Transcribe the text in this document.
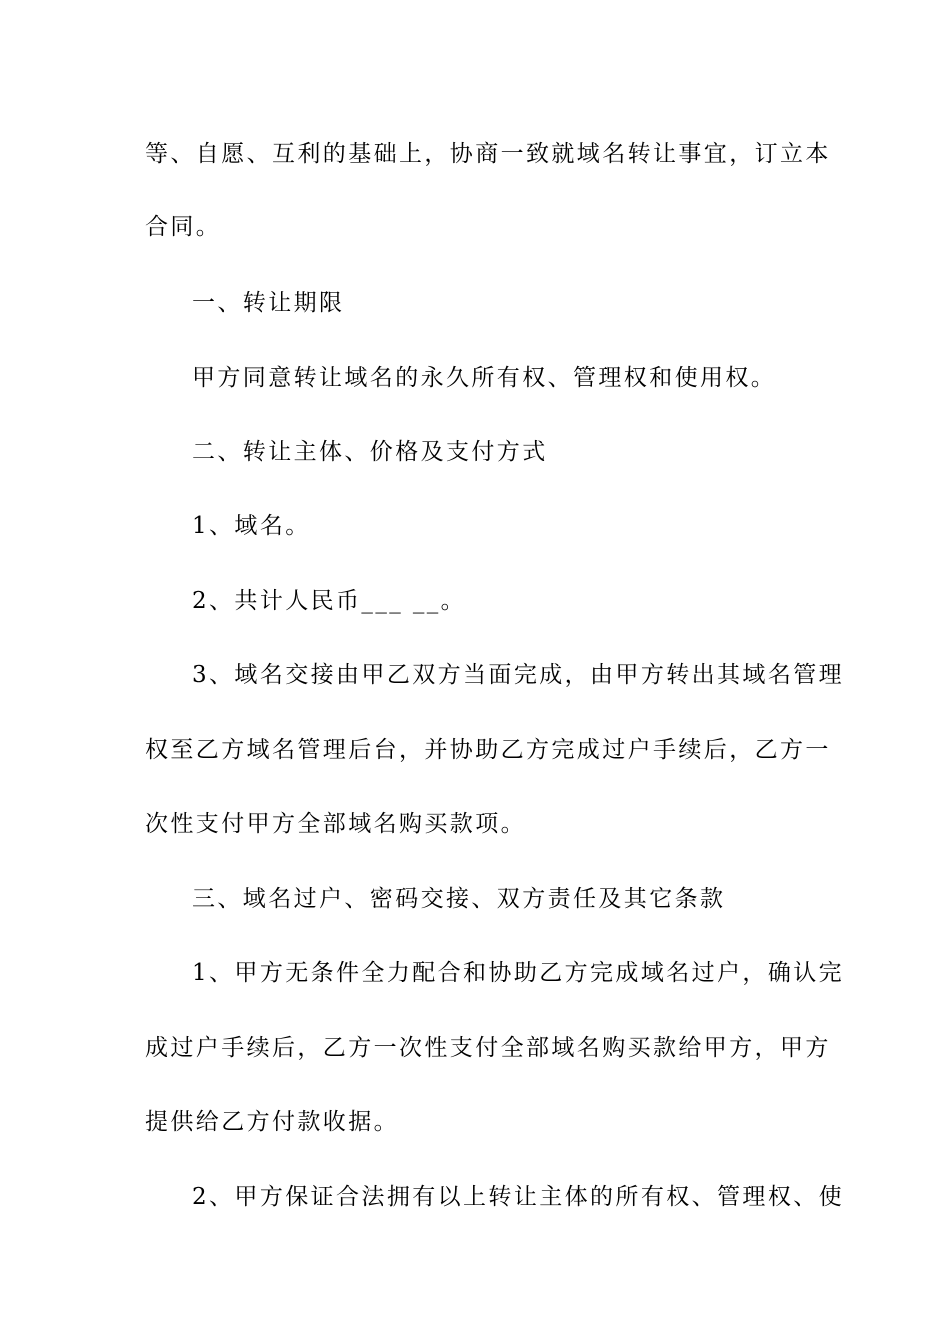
等、自愿、互利的基础上，协商一致就域名转让事宜，订立本
合同。
一、转让期限
甲方同意转让域名的永久所有权、管理权和使用权。
二、转让主体、价格及支付方式
1、域名。
2、共计人民币___ __。
3、域名交接由甲乙双方当面完成，由甲方转出其域名管理
权至乙方域名管理后台，并协助乙方完成过户手续后，乙方一
次性支付甲方全部域名购买款项。
三、域名过户、密码交接、双方责任及其它条款
1、甲方无条件全力配合和协助乙方完成域名过户，确认完
成过户手续后，乙方一次性支付全部域名购买款给甲方，甲方
提供给乙方付款收据。
2、甲方保证合法拥有以上转让主体的所有权、管理权、使
